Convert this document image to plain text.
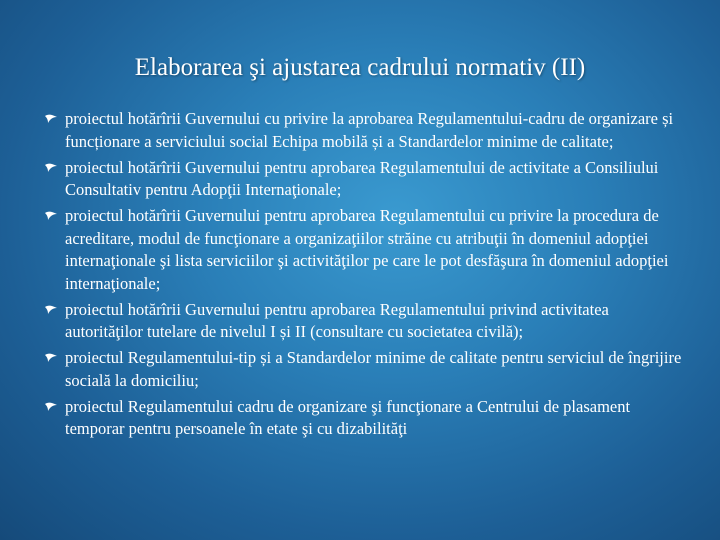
Elaborarea şi ajustarea cadrului normativ (II)
proiectul hotărîrii Guvernului cu privire la aprobarea Regulamentului-cadru de organizare și funcționare a serviciului social Echipa mobilă și a Standardelor minime de calitate;
proiectul hotărîrii Guvernului pentru aprobarea Regulamentului de activitate a Consiliului Consultativ pentru Adopţii Internaţionale;
proiectul hotărîrii Guvernului pentru aprobarea Regulamentului cu privire la procedura de acreditare, modul de funcţionare a organizaţiilor străine cu atribuţii în domeniul adopţiei internaţionale şi lista serviciilor şi activităţilor pe care le pot desfăşura în domeniul adopţiei internaţionale;
proiectul hotărîrii Guvernului pentru aprobarea Regulamentului privind activitatea autorităţilor tutelare de nivelul I și II (consultare cu societatea civilă);
proiectul Regulamentului-tip și a Standardelor minime de calitate pentru serviciul de îngrijire socială la domiciliu;
proiectul Regulamentului cadru de organizare şi funcţionare a Centrului de plasament temporar pentru persoanele în etate şi cu dizabilităţi
